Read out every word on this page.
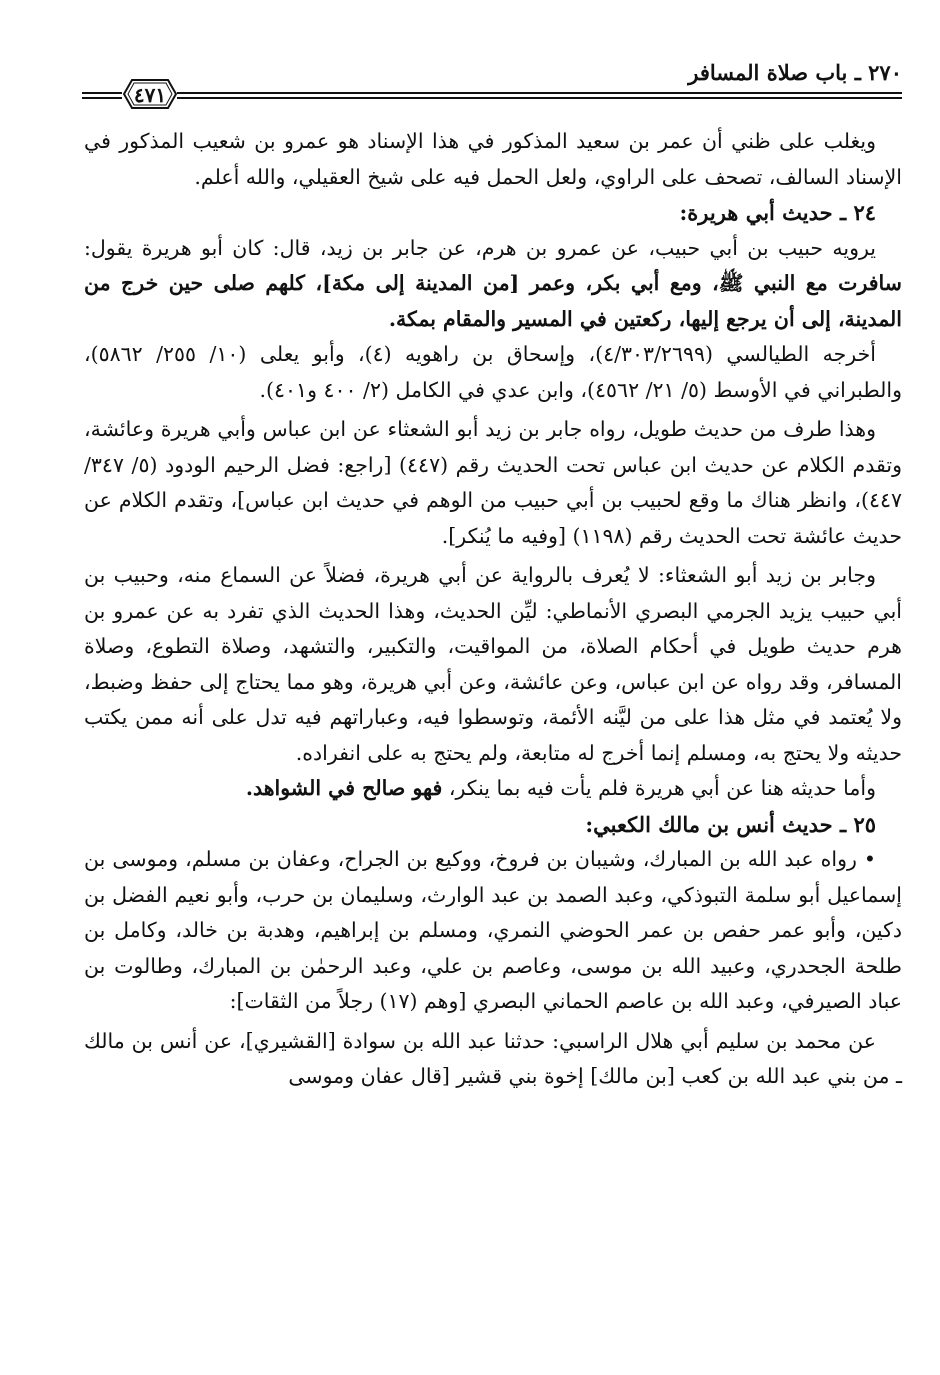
٢٧٠ ـ باب صلاة المسافر
٤٧١

ويغلب على ظني أن عمر بن سعيد المذكور في هذا الإسناد هو عمرو بن شعيب المذكور في الإسناد السالف، تصحف على الراوي، ولعل الحمل فيه على شيخ العقيلي، والله أعلم.

٢٤ ـ حديث أبي هريرة:

يرويه حبيب بن أبي حبيب، عن عمرو بن هرم، عن جابر بن زيد، قال: كان أبو هريرة يقول: سافرت مع النبي ﷺ، ومع أبي بكر، وعمر [من المدينة إلى مكة]، كلهم صلى حين خرج من المدينة، إلى أن يرجع إليها، ركعتين في المسير والمقام بمكة.

أخرجه الطيالسي (٤/٣٠٣/٢٦٩٩)، وإسحاق بن راهويه (٤)، وأبو يعلى (١٠/ ٢٥٥/ ٥٨٦٢)، والطبراني في الأوسط (٥/ ٢١/ ٤٥٦٢)، وابن عدي في الكامل (٢/ ٤٠٠ و٤٠١).

وهذا طرف من حديث طويل، رواه جابر بن زيد أبو الشعثاء عن ابن عباس وأبي هريرة وعائشة، وتقدم الكلام عن حديث ابن عباس تحت الحديث رقم (٤٤٧) [راجع: فضل الرحيم الودود (٥/ ٣٤٧/ ٤٤٧)، وانظر هناك ما وقع لحبيب بن أبي حبيب من الوهم في حديث ابن عباس]، وتقدم الكلام عن حديث عائشة تحت الحديث رقم (١١٩٨) [وفيه ما يُنكر].

وجابر بن زيد أبو الشعثاء: لا يُعرف بالرواية عن أبي هريرة، فضلاً عن السماع منه، وحبيب بن أبي حبيب يزيد الجرمي البصري الأنماطي: ليِّن الحديث، وهذا الحديث الذي تفرد به عن عمرو بن هرم حديث طويل في أحكام الصلاة، من المواقيت، والتكبير، والتشهد، وصلاة التطوع، وصلاة المسافر، وقد رواه عن ابن عباس، وعن عائشة، وعن أبي هريرة، وهو مما يحتاج إلى حفظ وضبط، ولا يُعتمد في مثل هذا على من ليَّنه الأئمة، وتوسطوا فيه، وعباراتهم فيه تدل على أنه ممن يكتب حديثه ولا يحتج به، ومسلم إنما أخرج له متابعة، ولم يحتج به على انفراده.

وأما حديثه هنا عن أبي هريرة فلم يأت فيه بما ينكر، فهو صالح في الشواهد.

٢٥ ـ حديث أنس بن مالك الكعبي:

• رواه عبد الله بن المبارك، وشيبان بن فروخ، ووكيع بن الجراح، وعفان بن مسلم، وموسى بن إسماعيل أبو سلمة التبوذكي، وعبد الصمد بن عبد الوارث، وسليمان بن حرب، وأبو نعيم الفضل بن دكين، وأبو عمر حفص بن عمر الحوضي النمري، ومسلم بن إبراهيم، وهدبة بن خالد، وكامل بن طلحة الجحدري، وعبيد الله بن موسى، وعاصم بن علي، وعبد الرحمٰن بن المبارك، وطالوت بن عباد الصيرفي، وعبد الله بن عاصم الحماني البصري [وهم (١٧) رجلاً من الثقات]:

عن محمد بن سليم أبي هلال الراسبي: حدثنا عبد الله بن سوادة [القشيري]، عن أنس بن مالك ـ من بني عبد الله بن كعب [بن مالك] إخوة بني قشير [قال عفان وموسى
